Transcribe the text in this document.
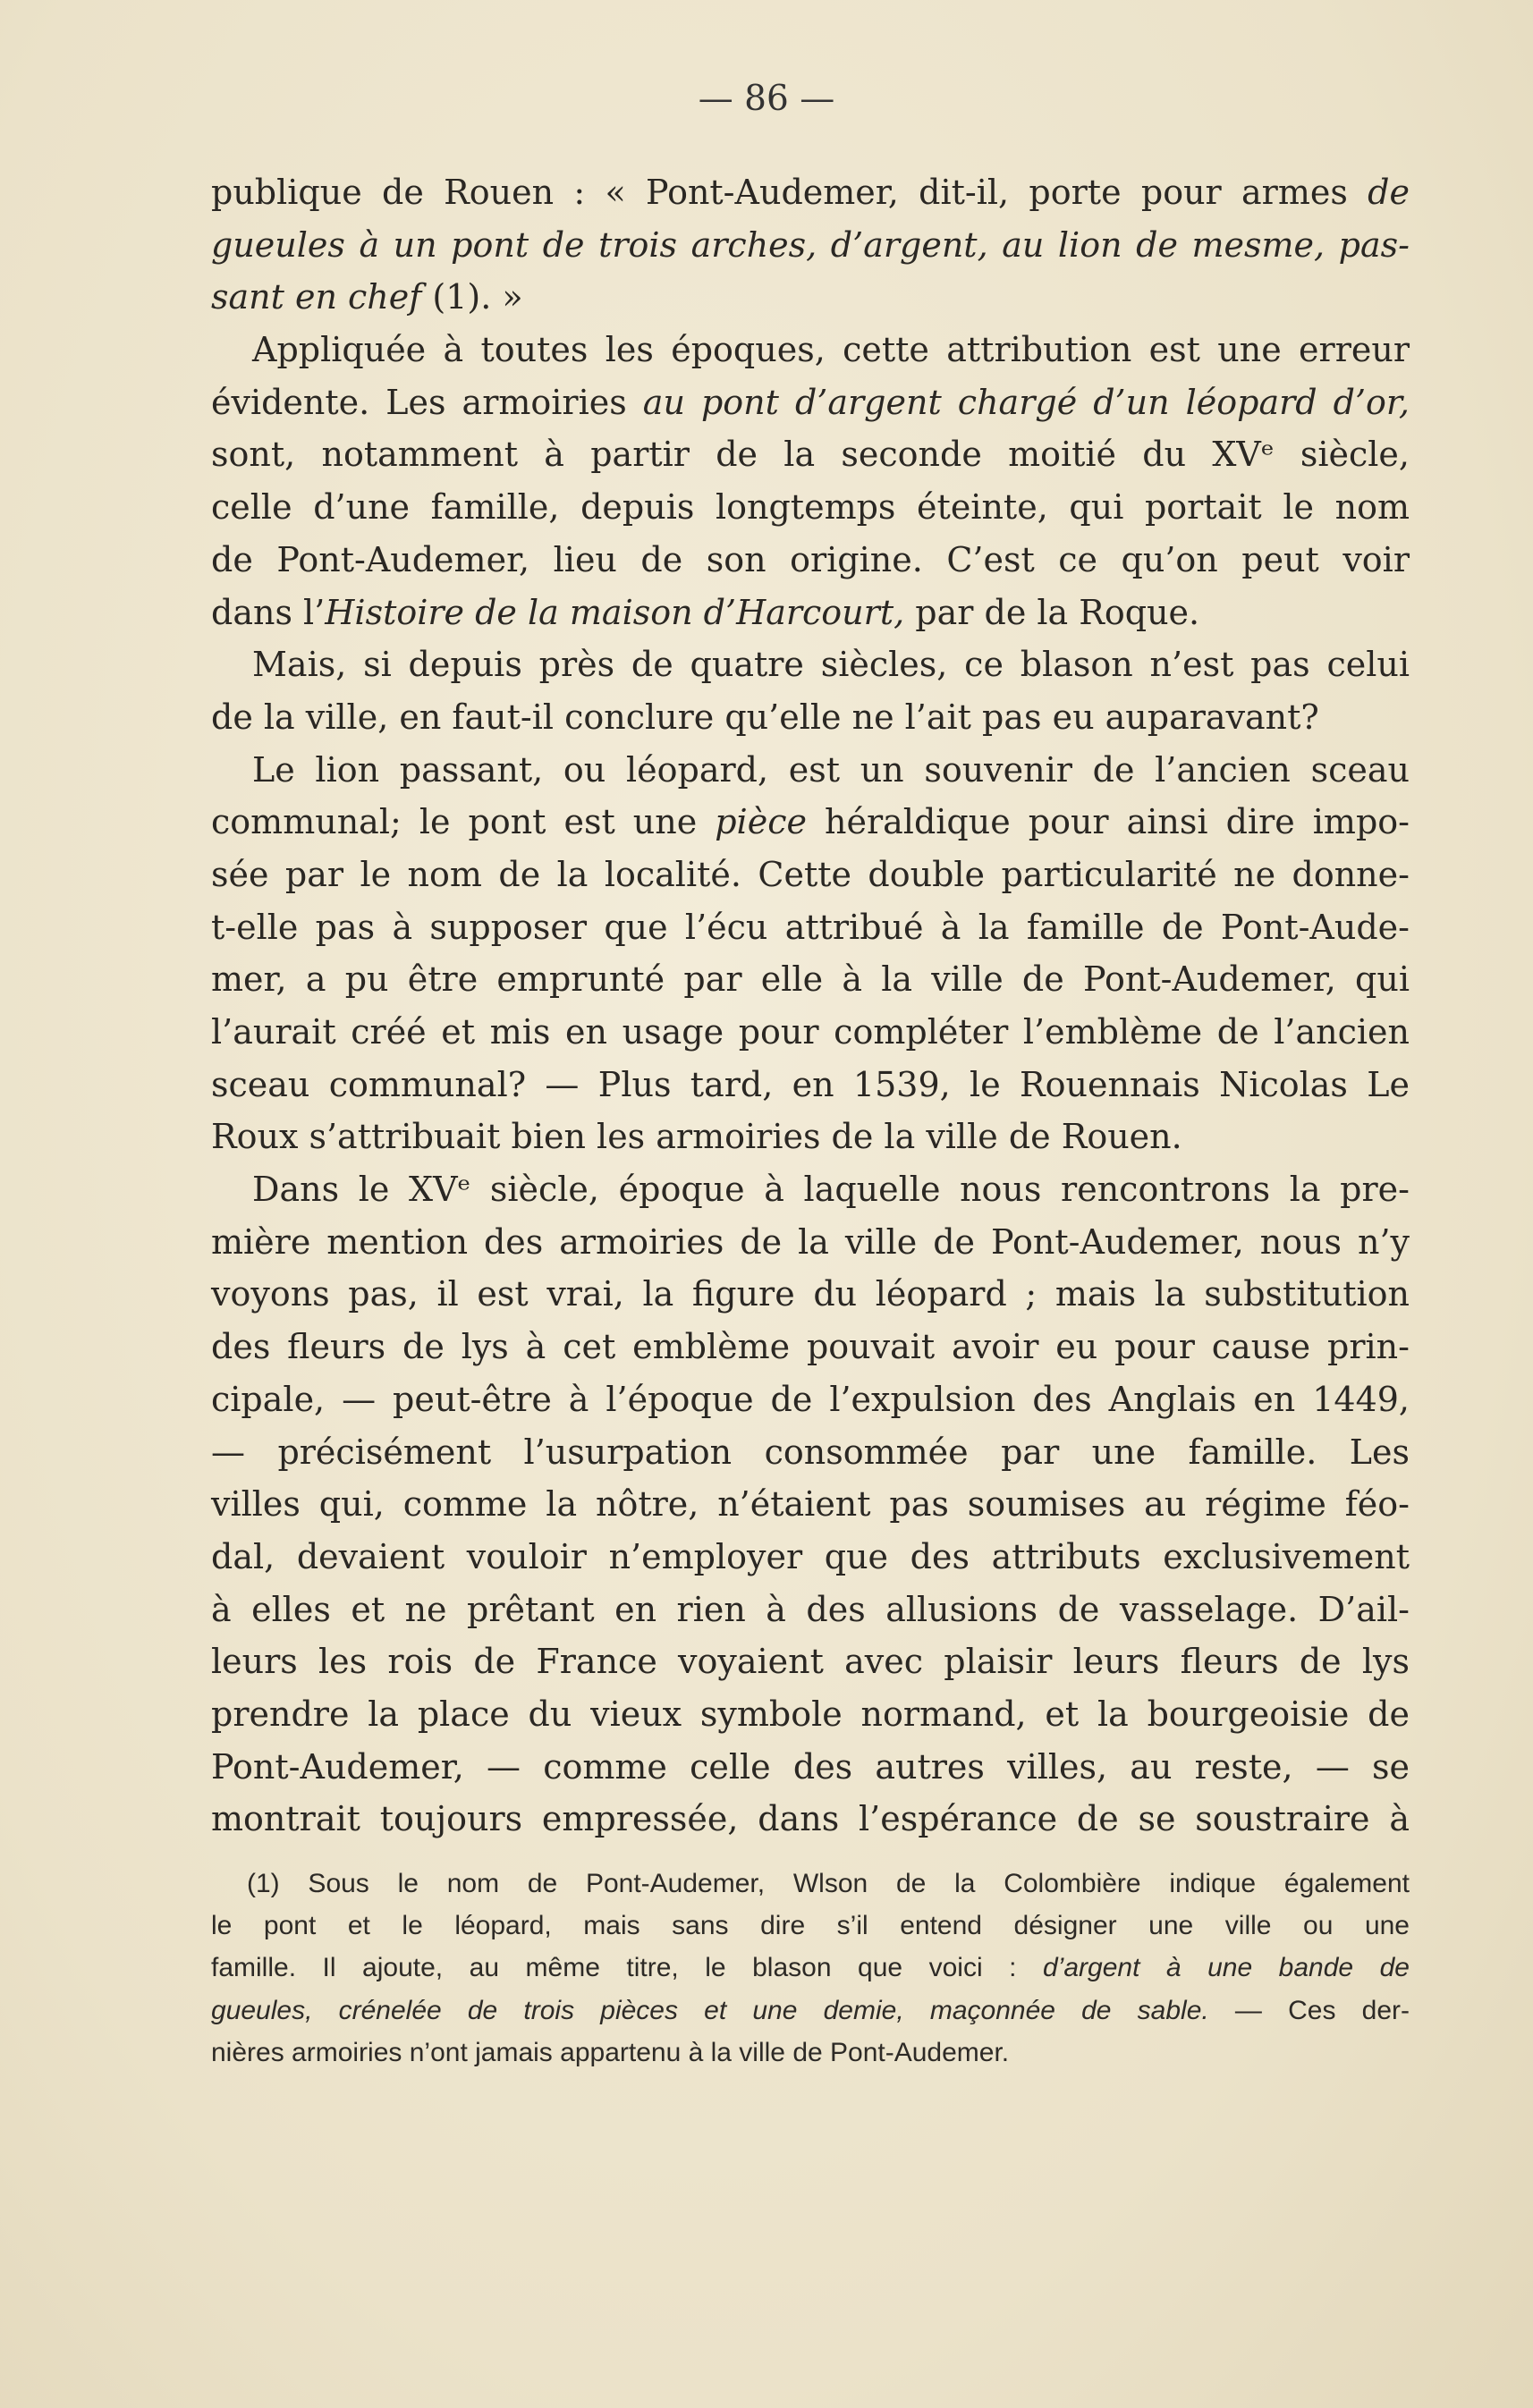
— 86 —
publique de Rouen : « Pont-Audemer, dit-il, porte pour armes de
gueules à un pont de trois arches, d’argent, au lion de mesme, pas-
sant en chef (1). »
Appliquée à toutes les époques, cette attribution est une erreur
évidente. Les armoiries au pont d’argent chargé d’un léopard d’or,
sont, notamment à partir de la seconde moitié du XVᵉ siècle,
celle d’une famille, depuis longtemps éteinte, qui portait le nom
de Pont-Audemer, lieu de son origine. C’est ce qu’on peut voir
dans l’Histoire de la maison d’Harcourt, par de la Roque.
Mais, si depuis près de quatre siècles, ce blason n’est pas celui
de la ville, en faut-il conclure qu’elle ne l’ait pas eu auparavant?
Le lion passant, ou léopard, est un souvenir de l’ancien sceau
communal; le pont est une pièce héraldique pour ainsi dire impo-
sée par le nom de la localité. Cette double particularité ne donne-
t-elle pas à supposer que l’écu attribué à la famille de Pont-Aude-
mer, a pu être emprunté par elle à la ville de Pont-Audemer, qui
l’aurait créé et mis en usage pour compléter l’emblème de l’ancien
sceau communal? — Plus tard, en 1539, le Rouennais Nicolas Le
Roux s’attribuait bien les armoiries de la ville de Rouen.
Dans le XVᵉ siècle, époque à laquelle nous rencontrons la pre-
mière mention des armoiries de la ville de Pont-Audemer, nous n’y
voyons pas, il est vrai, la figure du léopard ; mais la substitution
des fleurs de lys à cet emblème pouvait avoir eu pour cause prin-
cipale, — peut-être à l’époque de l’expulsion des Anglais en 1449,
— précisément l’usurpation consommée par une famille. Les
villes qui, comme la nôtre, n’étaient pas soumises au régime féo-
dal, devaient vouloir n’employer que des attributs exclusivement
à elles et ne prêtant en rien à des allusions de vasselage. D’ail-
leurs les rois de France voyaient avec plaisir leurs fleurs de lys
prendre la place du vieux symbole normand, et la bourgeoisie de
Pont-Audemer, — comme celle des autres villes, au reste, — se
montrait toujours empressée, dans l’espérance de se soustraire à
(1) Sous le nom de Pont-Audemer, Wlson de la Colombière indique également
le pont et le léopard, mais sans dire s’il entend désigner une ville ou une
famille. Il ajoute, au même titre, le blason que voici : d’argent à une bande de
gueules, crénelée de trois pièces et une demie, maçonnée de sable. — Ces der-
nières armoiries n’ont jamais appartenu à la ville de Pont-Audemer.
